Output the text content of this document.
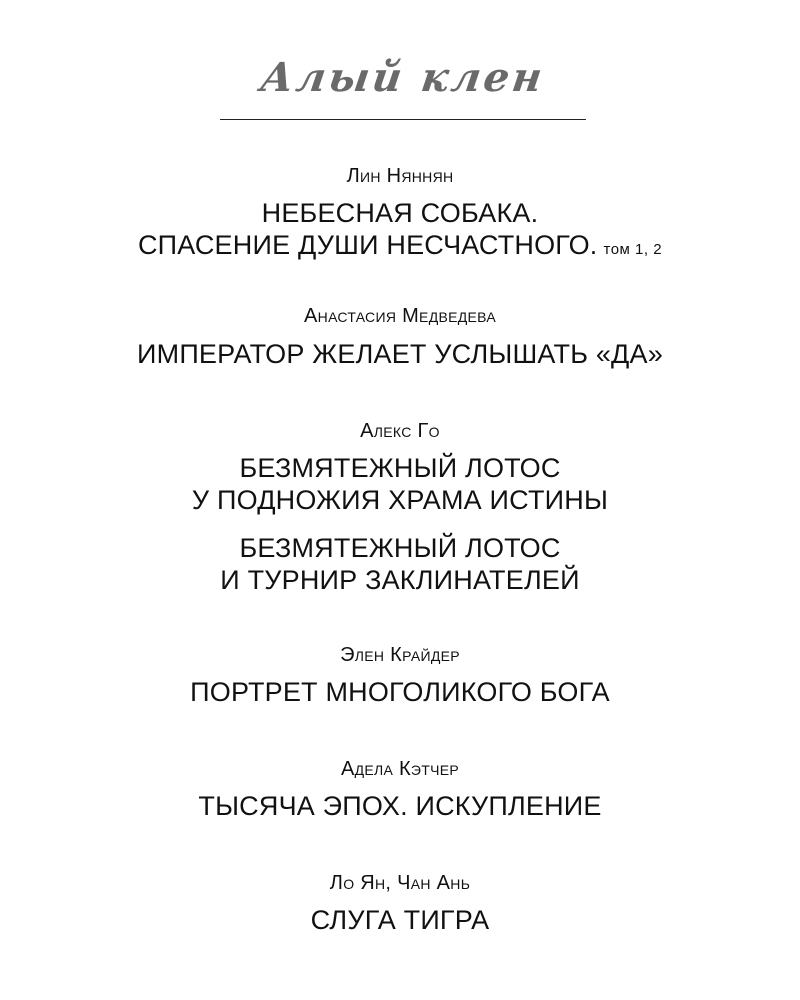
Алый клен
Лин Няннян
НЕБЕСНАЯ СОБАКА.
СПАСЕНИЕ ДУШИ НЕСЧАСТНОГО. том 1, 2
Анастасия Медведева
ИМПЕРАТОР ЖЕЛАЕТ УСЛЫШАТЬ «ДА»
Алекс Го
БЕЗМЯТЕЖНЫЙ ЛОТОС
У ПОДНОЖИЯ ХРАМА ИСТИНЫ
БЕЗМЯТЕЖНЫЙ ЛОТОС
И ТУРНИР ЗАКЛИНАТЕЛЕЙ
Элен Крайдер
ПОРТРЕТ МНОГОЛИКОГО БОГА
Адела Кэтчер
ТЫСЯЧА ЭПОХ. ИСКУПЛЕНИЕ
Ло Ян, Чан Ань
СЛУГА ТИГРА
